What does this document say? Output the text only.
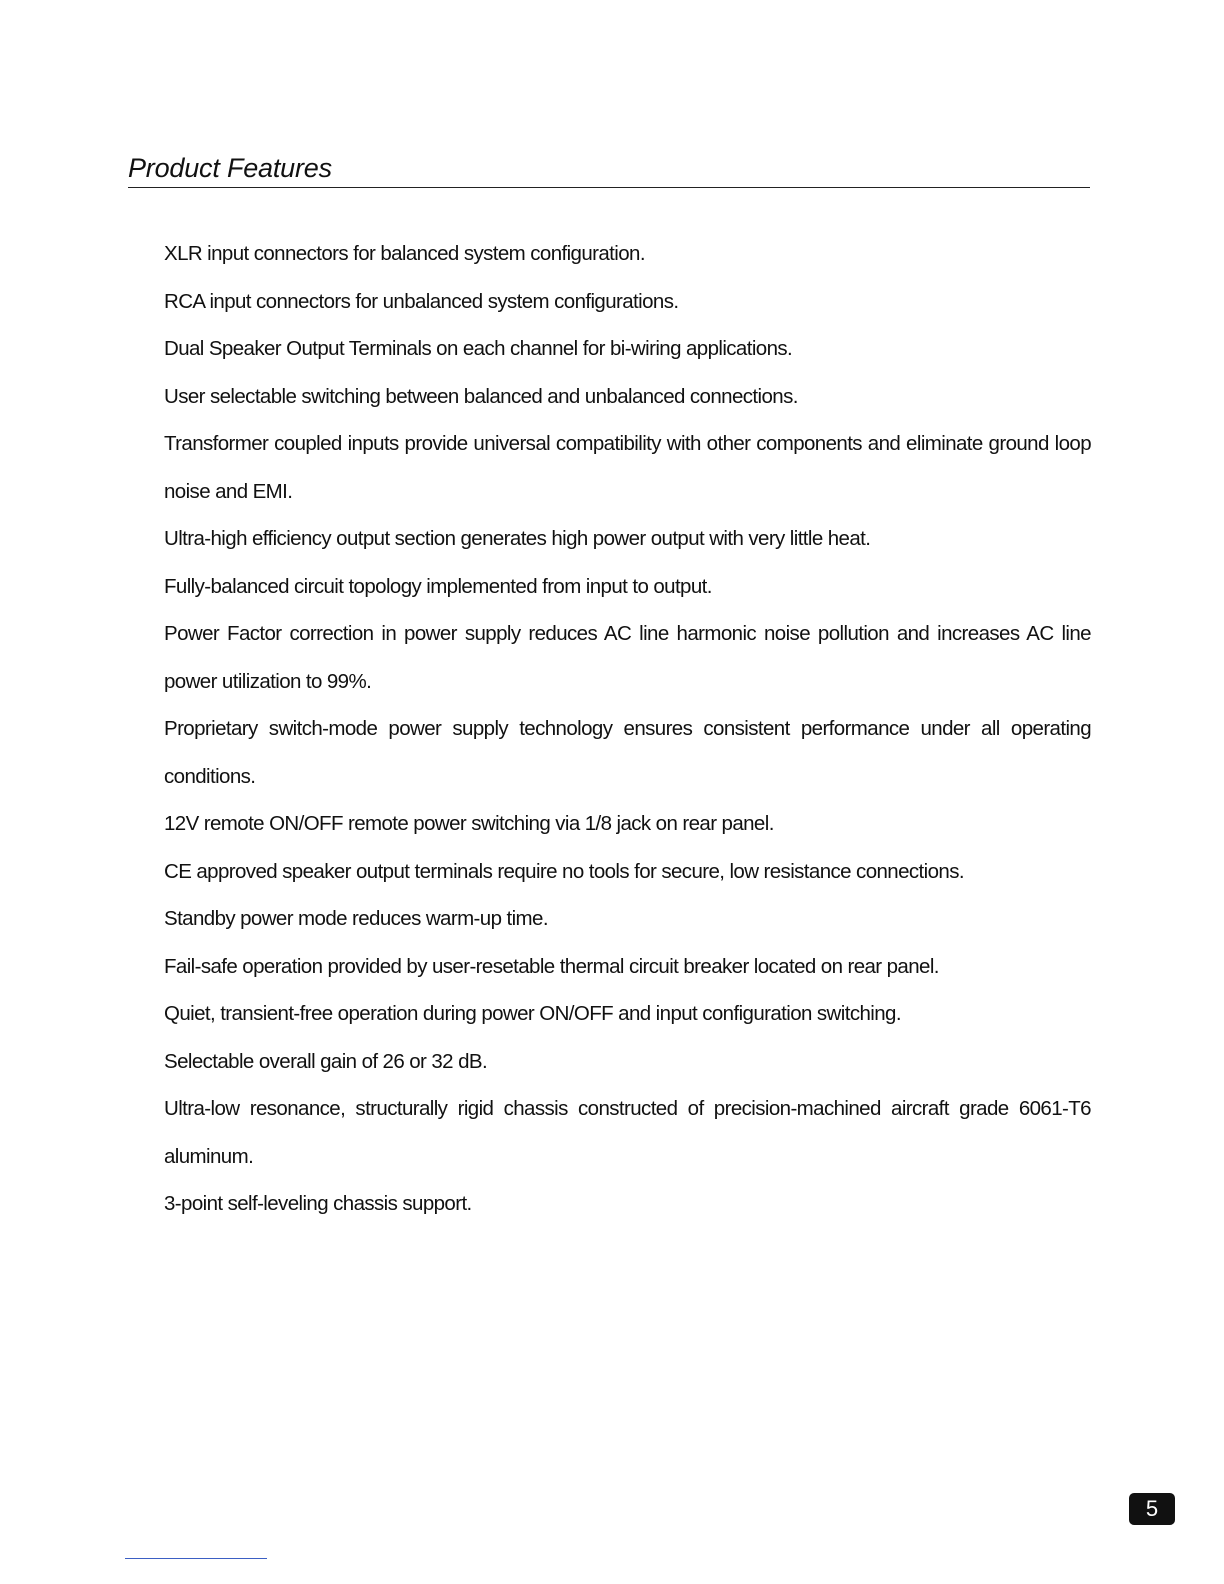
Product Features
XLR input connectors for balanced system configuration.
RCA input connectors for unbalanced system configurations.
Dual Speaker Output Terminals on each channel for bi-wiring applications.
User selectable switching between balanced and unbalanced connections.
Transformer coupled inputs provide universal compatibility with other components and eliminate ground loop noise and EMI.
Ultra-high efficiency output section generates high power output with very little heat.
Fully-balanced circuit topology implemented from input to output.
Power Factor correction in power supply reduces AC line harmonic noise pollution and increases AC line power utilization to 99%.
Proprietary switch-mode power supply technology ensures consistent performance under all operating conditions.
12V remote ON/OFF remote power switching via 1/8 jack on rear panel.
CE approved speaker output terminals require no tools for secure, low resistance connections.
Standby power mode reduces warm-up time.
Fail-safe operation provided by user-resetable thermal circuit breaker located on rear panel.
Quiet, transient-free operation during power ON/OFF and input configuration switching.
Selectable overall gain of 26 or 32 dB.
Ultra-low resonance, structurally rigid chassis constructed of precision-machined aircraft grade 6061-T6 aluminum.
3-point self-leveling chassis support.
5
